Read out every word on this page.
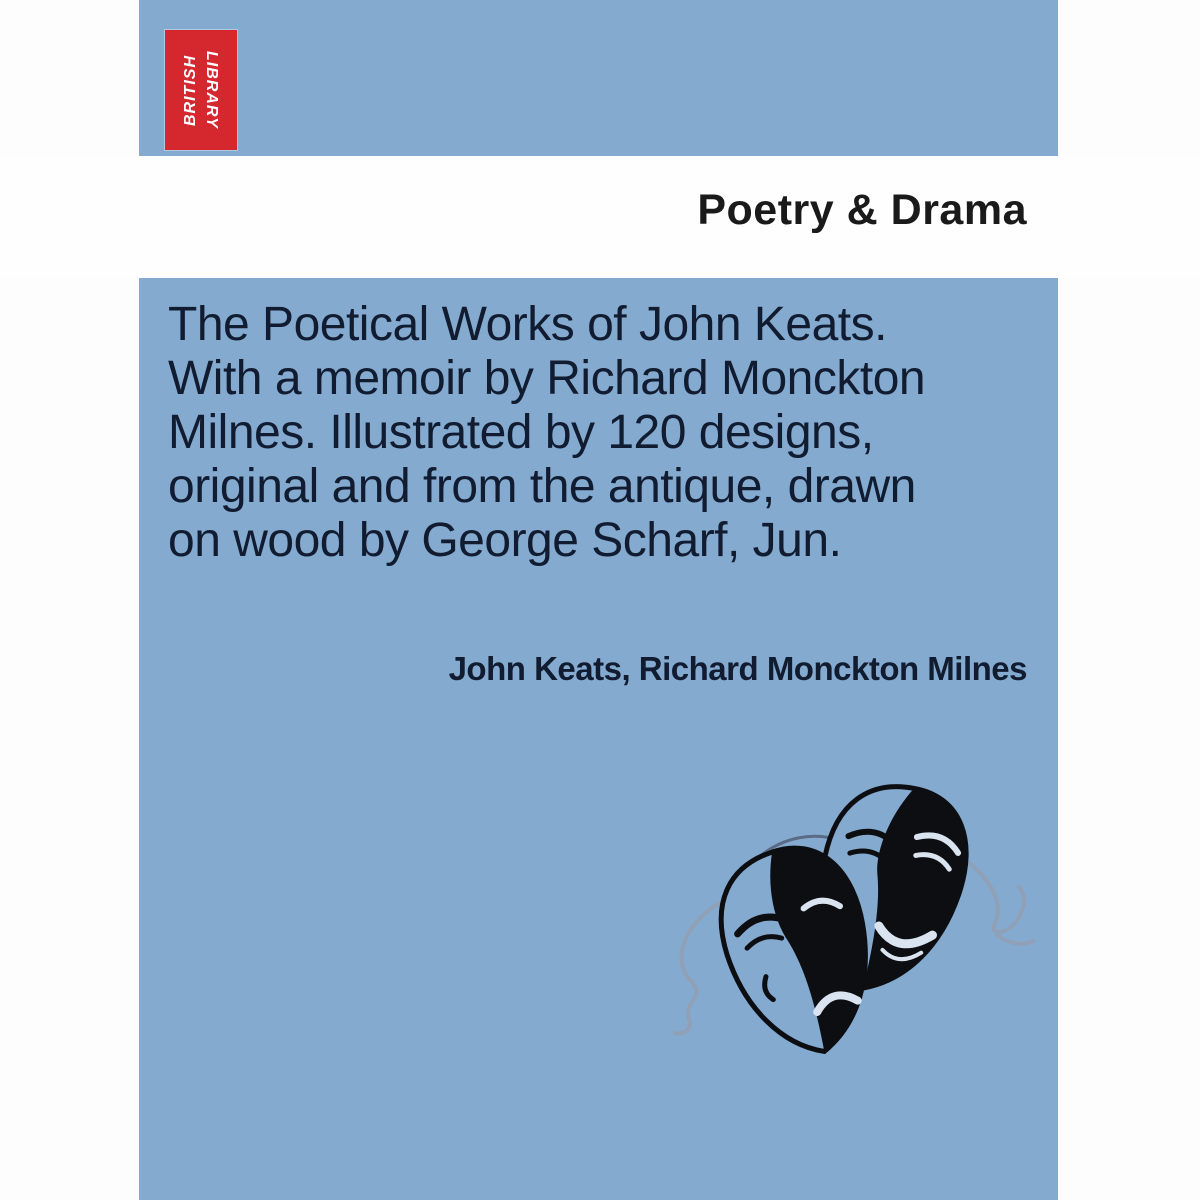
BRITISH LIBRARY
Poetry & Drama
The Poetical Works of John Keats.
With a memoir by Richard Monckton
Milnes. Illustrated by 120 designs,
original and from the antique, drawn
on wood by George Scharf, Jun.
John Keats, Richard Monckton Milnes
